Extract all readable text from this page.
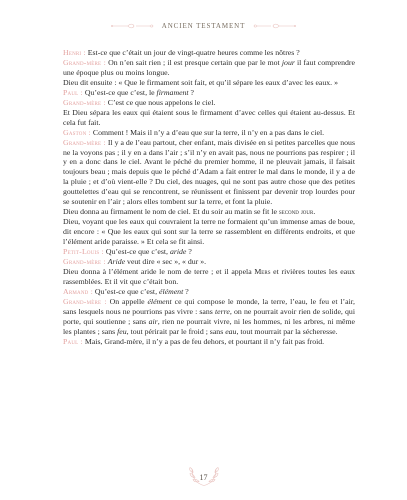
ANCIEN TESTAMENT

Henri : Est-ce que c’était un jour de vingt-quatre heures comme les nôtres ?

Grand-mère : On n’en sait rien ; il est presque certain que par le mot jour il faut comprendre une époque plus ou moins longue.

Dieu dit ensuite : « Que le firmament soit fait, et qu’il sépare les eaux d’avec les eaux. »

Paul : Qu’est-ce que c’est, le firmament ?

Grand-mère : C’est ce que nous appelons le ciel.

Et Dieu sépara les eaux qui étaient sous le firmament d’avec celles qui étaient au-dessus. Et cela fut fait.

Gaston : Comment ! Mais il n’y a d’eau que sur la terre, il n’y en a pas dans le ciel.

Grand-mère : Il y a de l’eau partout, cher enfant, mais divisée en si petites parcelles que nous ne la voyons pas ; il y en a dans l’air ; s’il n’y en avait pas, nous ne pourrions pas respirer ; il y en a donc dans le ciel. Avant le péché du premier homme, il ne pleuvait jamais, il faisait toujours beau ; mais depuis que le péché d’Adam a fait entrer le mal dans le monde, il y a de la pluie ; et d’où vient-elle ? Du ciel, des nuages, qui ne sont pas autre chose que des petites gouttelettes d’eau qui se rencontrent, se réunissent et finissent par devenir trop lourdes pour se soutenir en l’air ; alors elles tombent sur la terre, et font la pluie.

Dieu donna au firmament le nom de ciel. Et du soir au matin se fit le second jour.

Dieu, voyant que les eaux qui couvraient la terre ne formaient qu’un immense amas de boue, dit encore : « Que les eaux qui sont sur la terre se rassemblent en différents endroits, et que l’élément aride paraisse. » Et cela se fit ainsi.

Petit-Louis : Qu’est-ce que c’est, aride ?

Grand-mère : Aride veut dire « sec », « dur ».

Dieu donna à l’élément aride le nom de terre ; et il appela Mers et rivières toutes les eaux rassemblées. Et il vit que c’était bon.

Armand : Qu’est-ce que c’est, élément ?

Grand-mère : On appelle élément ce qui compose le monde, la terre, l’eau, le feu et l’air, sans lesquels nous ne pourrions pas vivre : sans terre, on ne pourrait avoir rien de solide, qui porte, qui soutienne ; sans air, rien ne pourrait vivre, ni les hommes, ni les arbres, ni même les plantes ; sans feu, tout périrait par le froid ; sans eau, tout mourrait par la sécheresse.

Paul : Mais, Grand-mère, il n’y a pas de feu dehors, et pourtant il n’y fait pas froid.

17
